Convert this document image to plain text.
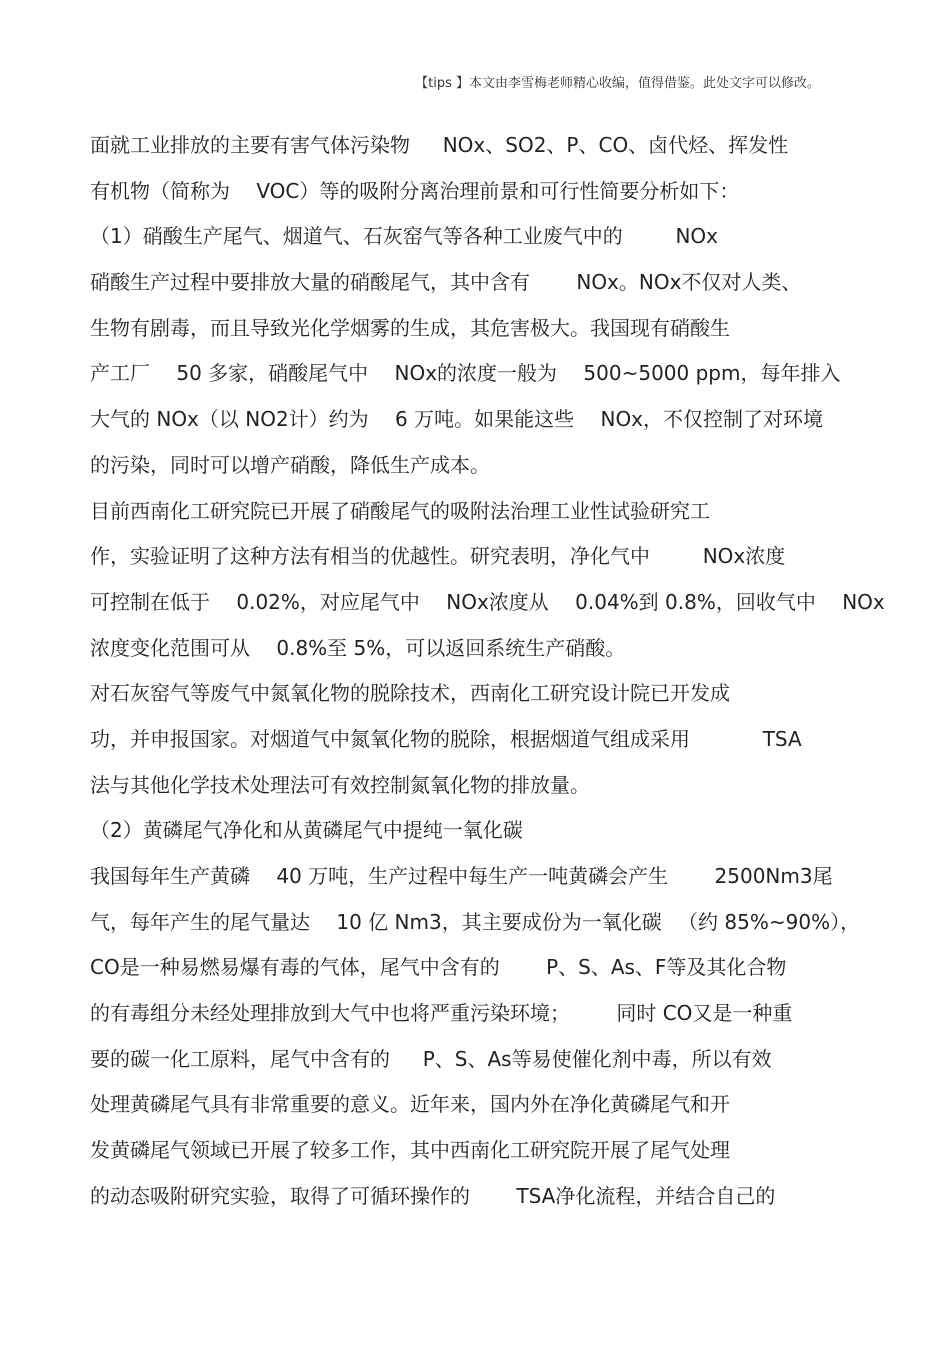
【tips 】本文由李雪梅老师精心收编，值得借鉴。此处文字可以修改。
面就工业排放的主要有害气体污染物 　 NOx、SO2、P、CO、卤代烃、挥发性
有机物（简称为 　VOC）等的吸附分离治理前景和可行性简要分析如下：
（1）硝酸生产尾气、烟道气、石灰窑气等各种工业废气中的 　　 NOx
硝酸生产过程中要排放大量的硝酸尾气，其中含有 　　NOx。NOx不仅对人类、
生物有剧毒，而且导致光化学烟雾的生成，其危害极大。我国现有硝酸生
产工厂 　50 多家，硝酸尾气中 　NOx的浓度一般为 　500~5000 ppm，每年排入
大气的 NOx（以 NO2计）约为 　6 万吨。如果能这些 　NOx，不仅控制了对环境
的污染，同时可以增产硝酸，降低生产成本。
目前西南化工研究院已开展了硝酸尾气的吸附法治理工业性试验研究工
作，实验证明了这种方法有相当的优越性。研究表明，净化气中 　　 NOx浓度
可控制在低于 　0.02%，对应尾气中 　NOx浓度从 　0.04%到 0.8%，回收气中 　NOx
浓度变化范围可从 　0.8%至 5%，可以返回系统生产硝酸。
对石灰窑气等废气中氮氧化物的脱除技术，西南化工研究设计院已开发成
功，并申报国家。对烟道气中氮氧化物的脱除，根据烟道气组成采用 　　 　TSA
法与其他化学技术处理法可有效控制氮氧化物的排放量。
（2）黄磷尾气净化和从黄磷尾气中提纯一氧化碳
我国每年生产黄磷 　40 万吨，生产过程中每生产一吨黄磷会产生 　　2500Nm3尾
气，每年产生的尾气量达 　10 亿 Nm3，其主要成份为一氧化碳 　（约 85%~90%），
CO是一种易燃易爆有毒的气体，尾气中含有的 　　P、S、As、F等及其化合物
的有毒组分未经处理排放到大气中也将严重污染环境； 　　同时 CO又是一种重
要的碳一化工原料，尾气中含有的 　 P、S、As等易使催化剂中毒，所以有效
处理黄磷尾气具有非常重要的意义。近年来，国内外在净化黄磷尾气和开
发黄磷尾气领域已开展了较多工作，其中西南化工研究院开展了尾气处理
的动态吸附研究实验，取得了可循环操作的 　　TSA净化流程，并结合自己的
